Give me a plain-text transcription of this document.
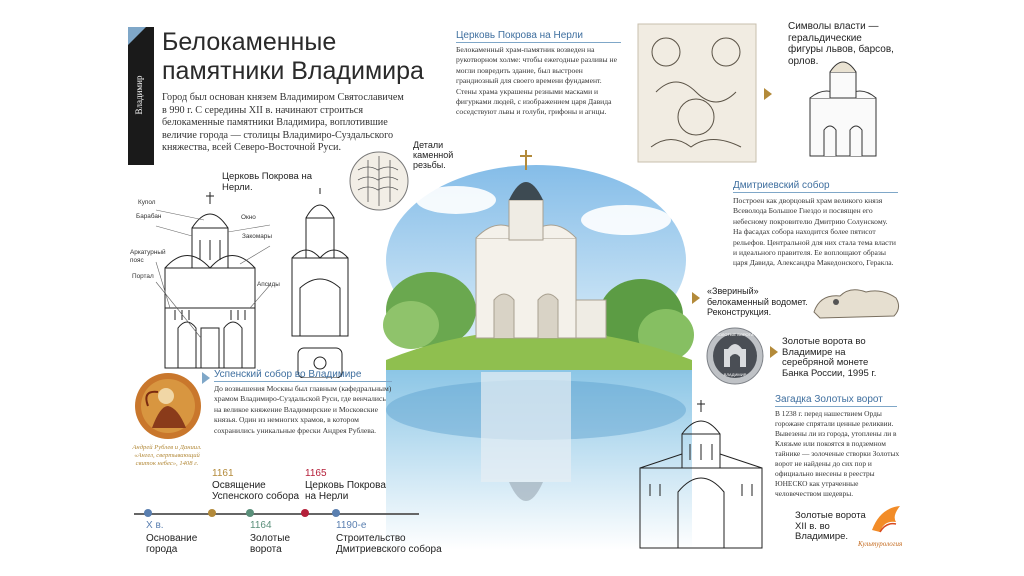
Владимир
Белокаменные
памятники Владимира
Город был основан князем Владимиром Святославичем в 990 г. С середины XII в. начинают строиться белокаменные памятники Владимира, воплотившие величие города — столицы Владимиро-Суздальского княжества, всей Северо-Восточной Руси.
Церковь Покрова на Нерли.
Купол
Барабан	Окно
Закомары
Аркатурный пояс
Портал
Апсиды
Детали каменной резьбы.
Церковь Покрова на Нерли
Белокаменный храм-памятник возведен на рукотворном холме: чтобы ежегодные разливы не могли повредить здание, был выстроен грандиозный для своего времени фундамент. Стены храма украшены резными масками и фигурками людей, с изображением царя Давида соседствуют львы и голуби, грифоны и агнцы.
Символы власти — геральдические фигуры львов, барсов, орлов.
Дмитриевский собор
Построен как дворцовый храм великого князя Всеволода Большое Гнездо и посвящен его небесному покровителю Дмитрию Солунскому. На фасадах собора находится более пятисот рельефов. Центральной для них стала тема власти и идеального правителя. Ее воплощают образы царя Давида, Александра Македонского, Геракла.
«Звериный» белокаменный водомет. Реконструкция.
ЗОЛОТЫЕ ВОРОТА
ВЛАДИМИР
Золотые ворота во Владимире на серебряной монете Банка России, 1995 г.
Загадка Золотых ворот
В 1238 г. перед нашествием Орды горожане спрятали ценные реликвии. Вывезены ли из города, утоплены ли в Клязьме или покоятся в подземном тайнике — золоченые створки Золотых ворот не найдены до сих пор и официально внесены в реестры ЮНЕСКО как утраченные человечеством шедевры.
Золотые ворота XII в. во Владимире.
Культурология
Успенский собор во Владимире
До возвышения Москвы был главным (кафедральным) храмом Владимиро-Суздальской Руси, где венчались на великое княжение Владимирские и Московские князья. Один из немногих храмов, в котором сохранились уникальные фрески Андрея Рублева.
Андрей Рублев и Даниил. «Ангел, свертывающий свиток небес», 1408 г.
X в.
Основание города
1161
Освящение Успенского собора
1164
Золотые ворота
1165
Церковь Покрова на Нерли
1190-е
Строительство Дмитриевского собора
